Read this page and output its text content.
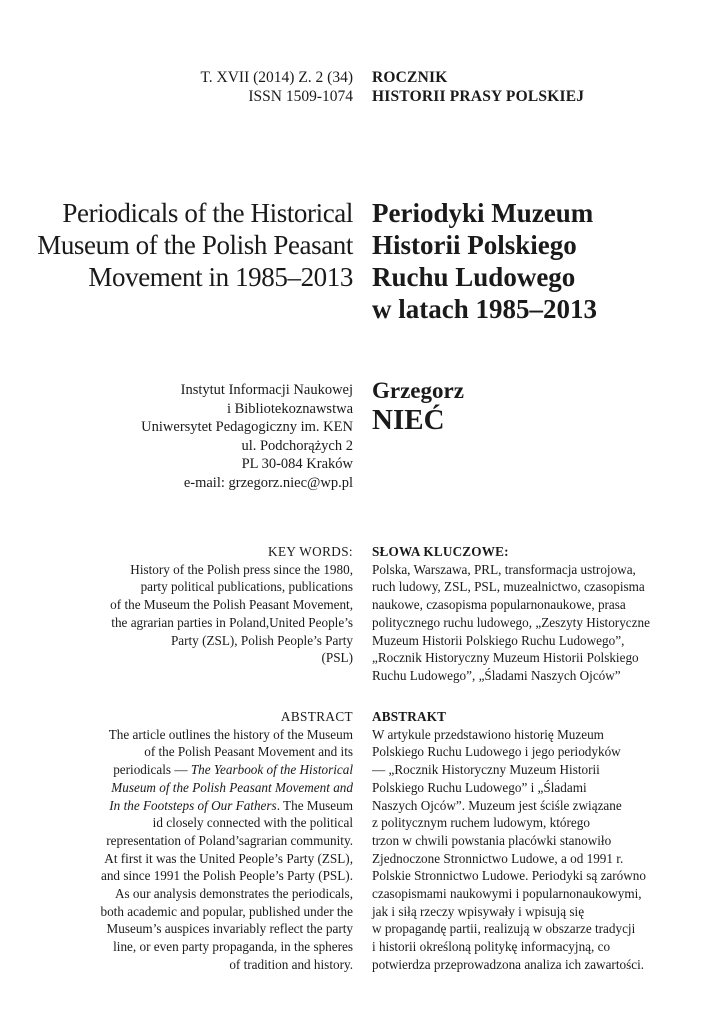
T. XVII (2014) Z. 2 (34)
ISSN 1509-1074
ROCZNIK
HISTORII PRASY POLSKIEJ
Periodicals of the Historical
Museum of the Polish Peasant
Movement in 1985–2013
Periodyki Muzeum
Historii Polskiego
Ruchu Ludowego
w latach 1985–2013
Instytut Informacji Naukowej
i Bibliotekoznawstwa
Uniwersytet Pedagogiczny im. KEN
ul. Podchorążych 2
PL 30-084 Kraków
e-mail: grzegorz.niec@wp.pl
Grzegorz
NIEĆ
KEY WORDS:
History of the Polish press since the 1980,
party political publications, publications
of the Museum the Polish Peasant Movement,
the agrarian parties in Poland,United People’s
Party (ZSL), Polish People’s Party
(PSL)
SŁOWA KLUCZOWE:
Polska, Warszawa, PRL, transformacja ustrojowa,
ruch ludowy, ZSL, PSL, muzealnictwo, czasopisma
naukowe, czasopisma popularnonaukowe, prasa
politycznego ruchu ludowego, „Zeszyty Historyczne
Muzeum Historii Polskiego Ruchu Ludowego”,
„Rocznik Historyczny Muzeum Historii Polskiego
Ruchu Ludowego”, „Śladami Naszych Ojców”
ABSTRACT
The article outlines the history of the Museum
of the Polish Peasant Movement and its
periodicals — The Yearbook of the Historical
Museum of the Polish Peasant Movement and
In the Footsteps of Our Fathers. The Museum
id closely connected with the political
representation of Poland’sagrarian community.
At first it was the United People’s Party (ZSL),
and since 1991 the Polish People’s Party (PSL).
As our analysis demonstrates the periodicals,
both academic and popular, published under the
Museum’s auspices invariably reflect the party
line, or even party propaganda, in the spheres
of tradition and history.
ABSTRAKT
W artykule przedstawiono historię Muzeum
Polskiego Ruchu Ludowego i jego periodyków
— „Rocznik Historyczny Muzeum Historii
Polskiego Ruchu Ludowego” i „Śladami
Naszych Ojców”. Muzeum jest ściśle związane
z politycznym ruchem ludowym, którego
trzon w chwili powstania placówki stanowiło
Zjednoczone Stronnictwo Ludowe, a od 1991 r.
Polskie Stronnictwo Ludowe. Periodyki są zarówno
czasopismami naukowymi i popularnonaukowymi,
jak i siłą rzeczy wpisywały i wpisują się
w propagandę partii, realizują w obszarze tradycji
i historii określoną politykę informacyjną, co
potwierdza przeprowadzona analiza ich zawartości.
